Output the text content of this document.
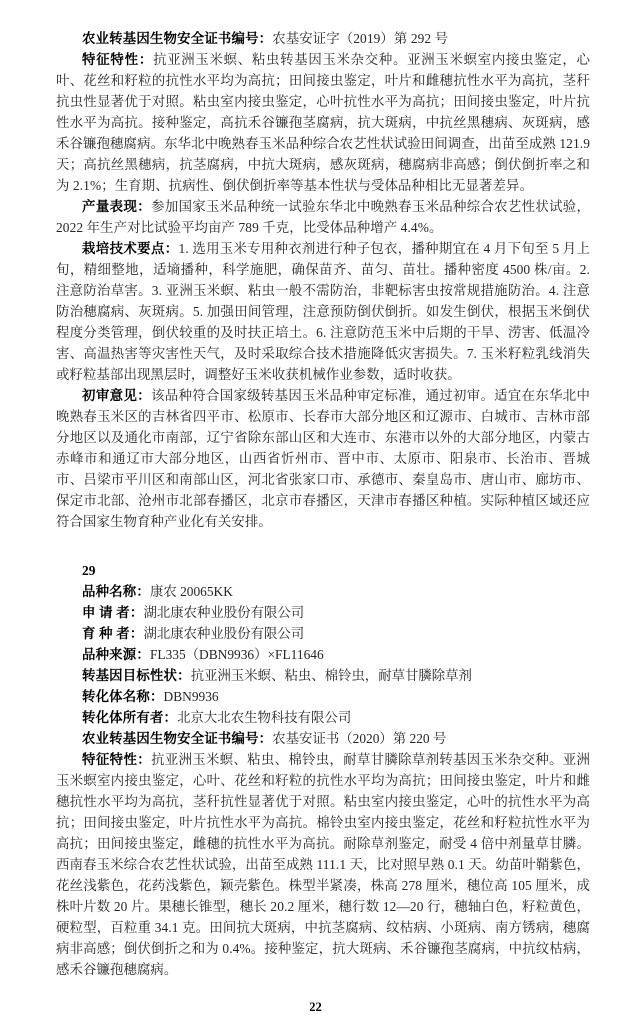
农业转基因生物安全证书编号：农基安证字（2019）第 292 号

特征特性：抗亚洲玉米螟、粘虫转基因玉米杂交种。亚洲玉米螟室内接虫鉴定，心叶、花丝和籽粒的抗性水平均为高抗；田间接虫鉴定，叶片和雌穗抗性水平为高抗，茎秆抗虫性显著优于对照。粘虫室内接虫鉴定，心叶抗性水平为高抗；田间接虫鉴定，叶片抗性水平为高抗。接种鉴定，高抗禾谷镰孢茎腐病，抗大斑病，中抗丝黑穗病、灰斑病，感禾谷镰孢穗腐病。东华北中晚熟春玉米品种综合农艺性状试验田间调查，出苗至成熟 121.9 天；高抗丝黑穗病，抗茎腐病，中抗大斑病，感灰斑病，穗腐病非高感；倒伏倒折率之和为 2.1%；生育期、抗病性、倒伏倒折率等基本性状与受体品种相比无显著差异。

产量表现：参加国家玉米品种统一试验东华北中晚熟春玉米品种综合农艺性状试验，2022 年生产对比试验平均亩产 789 千克，比受体品种增产 4.4%。

栽培技术要点：1. 选用玉米专用种衣剂进行种子包衣，播种期宜在 4 月下旬至 5 月上旬，精细整地，适墒播种，科学施肥，确保苗齐、苗匀、苗壮。播种密度 4500 株/亩。2. 注意防治草害。3. 亚洲玉米螟、粘虫一般不需防治，非靶标害虫按常规措施防治。4. 注意防治穗腐病、灰斑病。5. 加强田间管理，注意预防倒伏倒折。如发生倒伏，根据玉米倒伏程度分类管理，倒伏较重的及时扶正培土。6. 注意防范玉米中后期的干旱、涝害、低温冷害、高温热害等灾害性天气，及时采取综合技术措施降低灾害损失。7. 玉米籽粒乳线消失或籽粒基部出现黑层时，调整好玉米收获机械作业参数，适时收获。

初审意见：该品种符合国家级转基因玉米品种审定标准，通过初审。适宜在东华北中晚熟春玉米区的吉林省四平市、松原市、长春市大部分地区和辽源市、白城市、吉林市部分地区以及通化市南部，辽宁省除东部山区和大连市、东港市以外的大部分地区，内蒙古赤峰市和通辽市大部分地区，山西省忻州市、晋中市、太原市、阳泉市、长治市、晋城市、吕梁市平川区和南部山区，河北省张家口市、承德市、秦皇岛市、唐山市、廊坊市、保定市北部、沧州市北部春播区，北京市春播区，天津市春播区种植。实际种植区域还应符合国家生物育种产业化有关安排。

29
品种名称：康农 20065KK
申 请 者：湖北康农种业股份有限公司
育 种 者：湖北康农种业股份有限公司
品种来源：FL335（DBN9936）×FL11646
转基因目标性状：抗亚洲玉米螟、粘虫、棉铃虫，耐草甘膦除草剂
转化体名称：DBN9936
转化体所有者：北京大北农生物科技有限公司
农业转基因生物安全证书编号：农基安证书（2020）第 220 号

特征特性：抗亚洲玉米螟、粘虫、棉铃虫，耐草甘膦除草剂转基因玉米杂交种。亚洲玉米螟室内接虫鉴定，心叶、花丝和籽粒的抗性水平均为高抗；田间接虫鉴定，叶片和雌穗抗性水平均为高抗，茎秆抗性显著优于对照。粘虫室内接虫鉴定，心叶的抗性水平为高抗；田间接虫鉴定，叶片抗性水平为高抗。棉铃虫室内接虫鉴定，花丝和籽粒抗性水平为高抗；田间接虫鉴定，雌穗的抗性水平为高抗。耐除草剂鉴定，耐受 4 倍中剂量草甘膦。西南春玉米综合农艺性状试验，出苗至成熟 111.1 天，比对照早熟 0.1 天。幼苗叶鞘紫色，花丝浅紫色，花药浅紫色，颖壳紫色。株型半紧凑，株高 278 厘米，穗位高 105 厘米，成株叶片数 20 片。果穗长锥型，穗长 20.2 厘米，穗行数 12—20 行，穗轴白色，籽粒黄色，硬粒型，百粒重 34.1 克。田间抗大斑病，中抗茎腐病、纹枯病、小斑病、南方锈病，穗腐病非高感；倒伏倒折之和为 0.4%。接种鉴定，抗大斑病、禾谷镰孢茎腐病，中抗纹枯病，感禾谷镰孢穗腐病。

22
